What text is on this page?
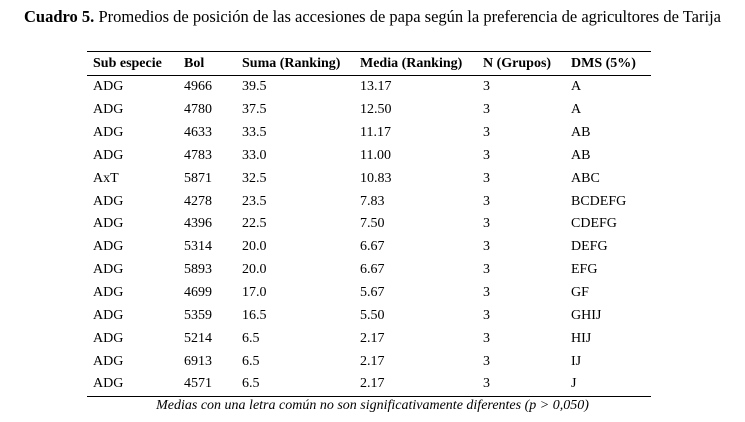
Cuadro 5. Promedios de posición de las accesiones de papa según la preferencia de agricultores de Tarija
Sub especie	Bol	Suma (Ranking)	Media (Ranking)	N (Grupos)	DMS (5%)
ADG	4966	39.5	13.17	3	A
ADG	4780	37.5	12.50	3	A
ADG	4633	33.5	11.17	3	AB
ADG	4783	33.0	11.00	3	AB
AxT	5871	32.5	10.83	3	ABC
ADG	4278	23.5	7.83	3	BCDEFG
ADG	4396	22.5	7.50	3	CDEFG
ADG	5314	20.0	6.67	3	DEFG
ADG	5893	20.0	6.67	3	EFG
ADG	4699	17.0	5.67	3	GF
ADG	5359	16.5	5.50	3	GHIJ
ADG	5214	6.5	2.17	3	HIJ
ADG	6913	6.5	2.17	3	IJ
ADG	4571	6.5	2.17	3	J
Medias con una letra común no son significativamente diferentes (p > 0,050)
